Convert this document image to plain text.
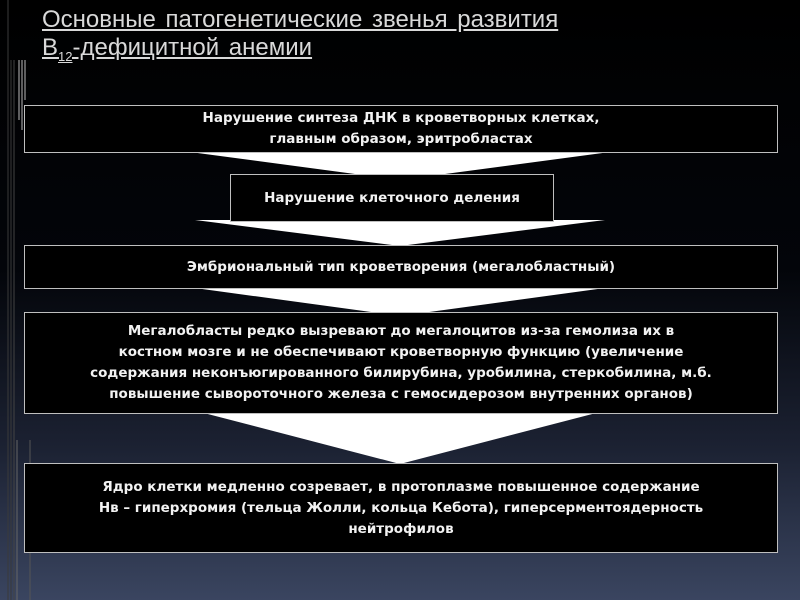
Основные патогенетические звенья развития
$В_{12}$-дефицитной анемии
Нарушение синтеза ДНК в кроветворных клетках,
главным образом, эритробластах
Нарушение клеточного деления
Эмбриональный тип кроветворения (мегалобластный)
Мегалобласты редко вызревают до мегалоцитов из-за гемолиза их в
костном мозге и не обеспечивают кроветворную функцию (увеличение
содержания неконъюгированного билирубина, уробилина, стеркобилина, м.б.
повышение сывороточного железа с гемосидерозом внутренних органов)
Ядро клетки медленно созревает, в протоплазме повышенное содержание
Нв – гиперхромия (тельца Жолли, кольца Кебота), гиперсерментоядерность
нейтрофилов
